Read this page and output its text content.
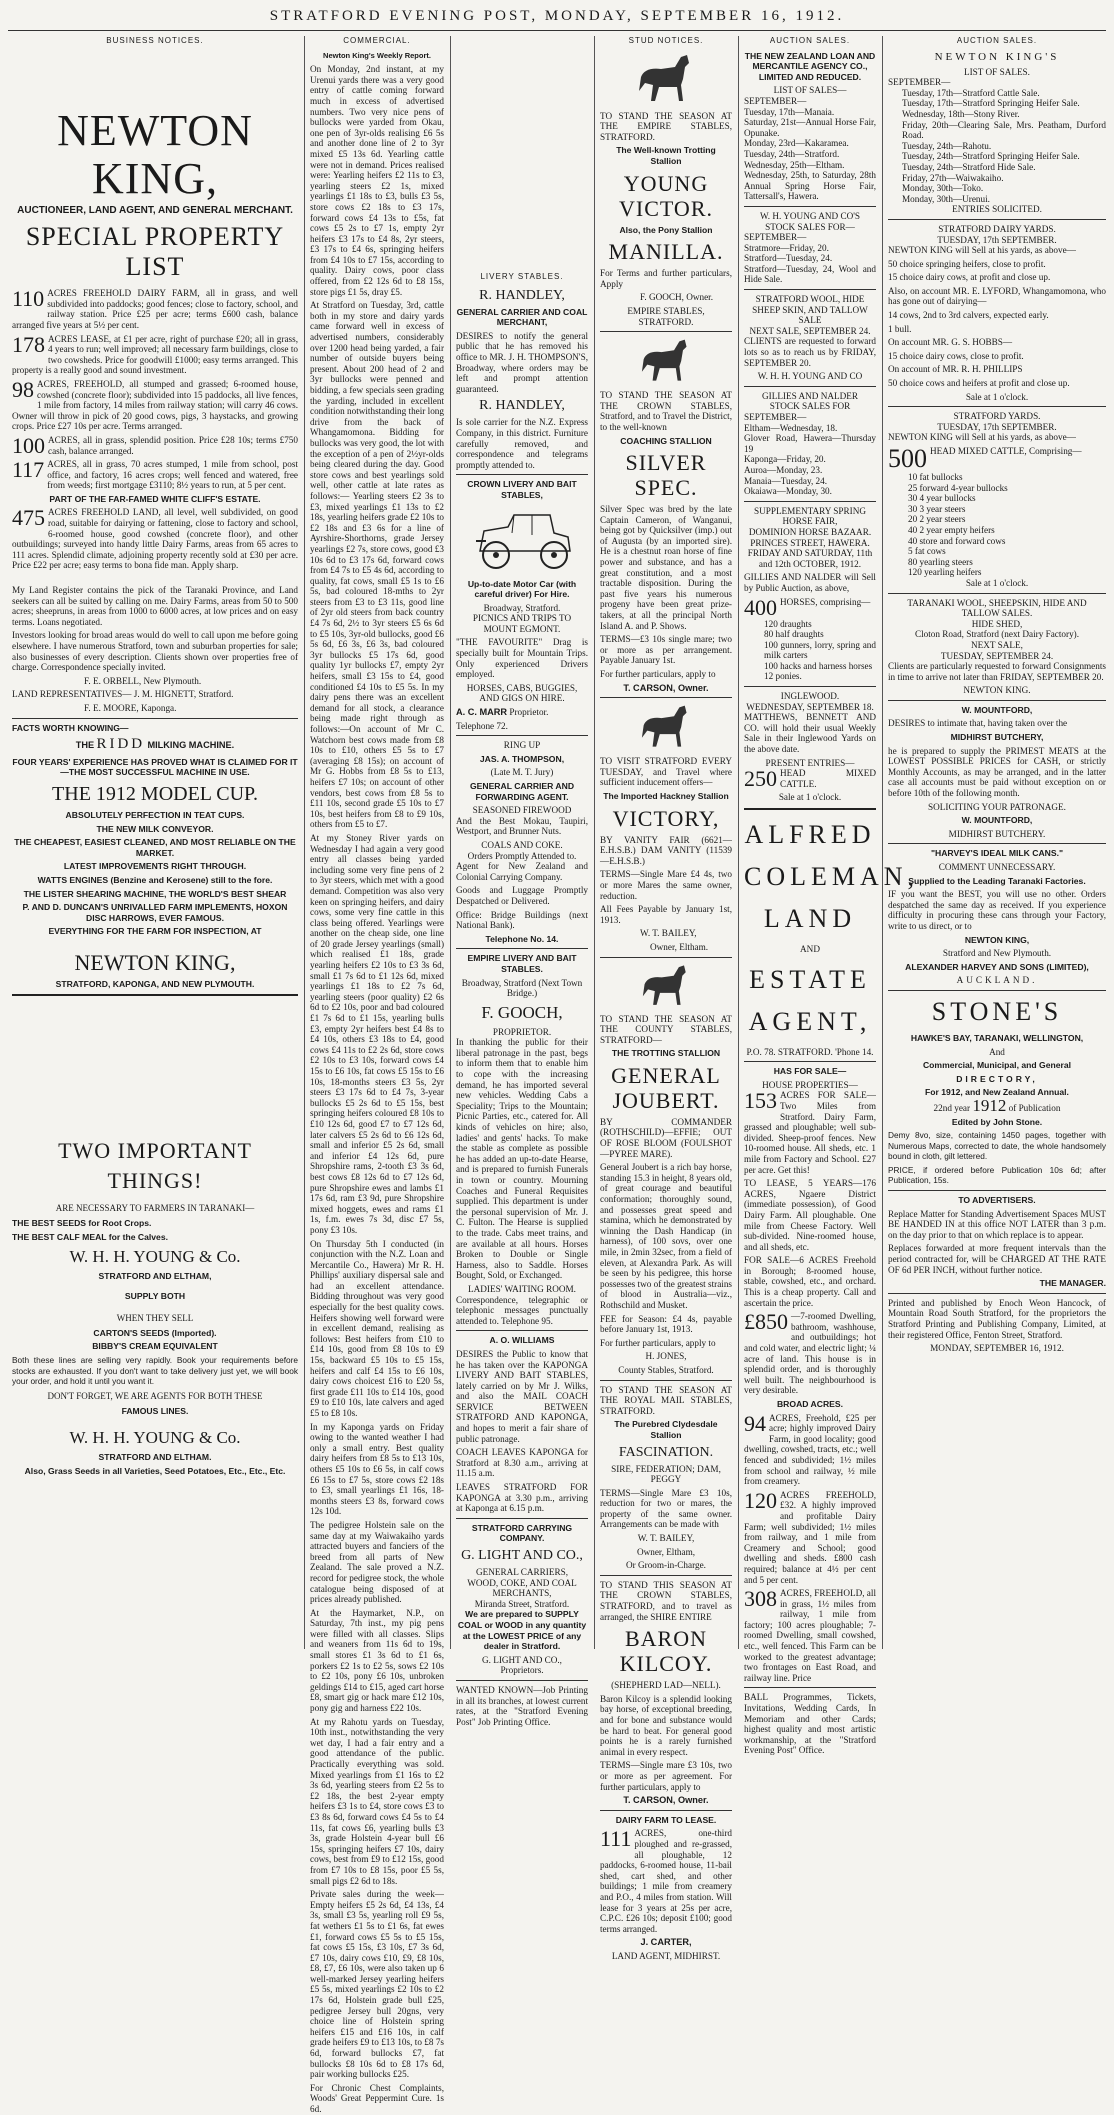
STRATFORD EVENING POST, MONDAY, SEPTEMBER 16, 1912.
BUSINESS NOTICES.
NEWTON KING,
AUCTIONEER, LAND AGENT, AND GENERAL MERCHANT.
SPECIAL PROPERTY LIST

110 ACRES FREEHOLD DAIRY FARM, all in grass, and well subdivided into paddocks; good fences; close to factory, school, and railway station. Price £25 per acre; terms £600 cash, balance arranged five years at 5½ per cent.

178 ACRES LEASE, at £1 per acre, right of purchase £20; all in grass, 4 years to run; well improved; all necessary farm buildings, close to two cowsheds. Price for goodwill £1000; easy terms arranged. This property is a really good and sound investment.

98 ACRES, FREEHOLD, all stumped and grassed; 6-roomed house, cowshed (concrete floor); subdivided into 15 paddocks, all live fences, 1 mile from factory, 14 miles from railway station; will carry 46 cows. Owner will throw in pick of 20 good cows, pigs, 3 haystacks, and growing crops. Price £27 10s per acre. Terms arranged.

100 ACRES, all in grass, splendid position. Price £28 10s; terms £750 cash, balance arranged.

117 ACRES, all in grass, 70 acres stumped, 1 mile from school, post office, and factory, 16 acres crops; well fenced and watered, free from weeds; first mortgage £3110; 8½ years to run, at 5 per cent.

PART OF THE FAR-FAMED WHITE CLIFF'S ESTATE.

475 ACRES FREEHOLD LAND, all level, well subdivided, on good road, suitable for dairying or fattening, close to factory and school, 6-roomed house, good cowshed (concrete floor), and other outbuildings; surveyed into handy little Dairy Farms, areas from 65 acres to 111 acres. Splendid climate, adjoining property recently sold at £30 per acre. Price £22 per acre; easy terms to bona fide man. Apply sharp.

My Land Register contains the pick of the Taranaki Province, and Land seekers can all be suited by calling on me. Dairy Farms, areas from 50 to 500 acres; sheepruns, in areas from 1000 to 6000 acres, at low prices and on easy terms. Loans negotiated.

Investors looking for broad areas would do well to call upon me before going elsewhere. I have numerous Stratford, town and suburban properties for sale; also businesses of every description. Clients shown over properties free of charge. Correspondence specially invited.

F. E. ORBELL, New Plymouth.

LAND REPRESENTATIVES— J. M. HIGNETT, Stratford.

F. E. MOORE, Kaponga.

FACTS WORTH KNOWING—
THE RIDD MILKING MACHINE.
FOUR YEARS' EXPERIENCE HAS PROVED WHAT IS CLAIMED FOR IT—THE MOST SUCCESSFUL MACHINE IN USE.
THE 1912 MODEL CUP.
ABSOLUTELY PERFECTION IN TEAT CUPS.
THE NEW MILK CONVEYOR.
THE CHEAPEST, EASIEST CLEANED, AND MOST RELIABLE ON THE MARKET.
LATEST IMPROVEMENTS RIGHT THROUGH.
WATTS ENGINES (Benzine and Kerosene) still to the fore.
THE LISTER SHEARING MACHINE, THE WORLD'S BEST SHEAR
P. AND D. DUNCAN'S UNRIVALLED FARM IMPLEMENTS, HOXON DISC HARROWS, EVER FAMOUS.
EVERYTHING FOR THE FARM FOR INSPECTION, AT
NEWTON KING,
STRATFORD, KAPONGA, AND NEW PLYMOUTH.
TWO IMPORTANT THINGS!
ARE NECESSARY TO FARMERS IN TARANAKI—
THE BEST SEEDS for Root Crops.
THE BEST CALF MEAL for the Calves.
W. H. H. YOUNG & Co.
STRATFORD AND ELTHAM,
SUPPLY BOTH
WHEN THEY SELL
CARTON'S SEEDS (Imported).
BIBBY'S CREAM EQUIVALENT

Both these lines are selling very rapidly. Book your requirements before stocks are exhausted. If you don't want to take delivery just yet, we will book your order, and hold it until you want it.

DON'T FORGET, WE ARE AGENTS FOR BOTH THESE
FAMOUS LINES.
W. H. H. YOUNG & Co.
STRATFORD AND ELTHAM.
Also, Grass Seeds in all Varieties, Seed Potatoes, Etc., Etc., Etc.
COMMERCIAL.
Newton King's Weekly Report.

On Monday, 2nd instant, at my Urenui yards there was a very good entry of cattle coming forward much in excess of advertised numbers. Two very nice pens of bullocks were yarded from Okau, one pen of 3yr-olds realising £6 5s and another done line of 2 to 3yr mixed £5 13s 6d. Yearling cattle were not in demand. Prices realised were: Yearling heifers £2 11s to £3, yearling steers £2 1s, mixed yearlings £1 18s to £3, bulls £3 5s, store cows £2 18s to £3 17s, forward cows £4 13s to £5s, fat cows £5 2s to £7 1s, empty 2yr heifers £3 17s to £4 8s, 2yr steers, £3 17s to £4 6s, springing heifers from £4 10s to £7 15s, according to quality. Dairy cows, poor class offered, from £2 12s 6d to £8 15s, store pigs £1 5s, dray £5.

At Stratford on Tuesday, 3rd, cattle both in my store and dairy yards came forward well in excess of advertised numbers, considerably over 1200 head being yarded, a fair number of outside buyers being present. About 200 head of 2 and 3yr bullocks were penned and bidding, a few specials seen grading the yarding, included in excellent condition notwithstanding their long drive from the back of Whangamomona. Bidding for bullocks was very good, the lot with the exception of a pen of 2½yr-olds being cleared during the day. Good store cows and best yearlings sold well, other cattle at late rates as follows:— Yearling steers £2 3s to £3, mixed yearlings £1 13s to £2 18s, yearling heifers grade £2 10s to £2 18s and £3 6s for a line of Ayrshire-Shorthorns, grade Jersey yearlings £2 7s, store cows, good £3 10s 6d to £3 17s 6d, forward cows from £4 7s to £5 4s 6d, according to quality, fat cows, small £5 1s to £6 5s, bad coloured 18-mths to 2yr steers from £3 to £3 11s, good line of 2yr old steers from back country £4 7s 6d, 2½ to 3yr steers £5 6s 6d to £5 10s, 3yr-old bullocks, good £6 5s 6d, £6 3s, £6 3s, bad coloured 3yr bullocks £5 17s 6d, good quality 1yr bullocks £7, empty 2yr heifers, small £3 15s to £4, good conditioned £4 10s to £5 5s. In my dairy pens there was an excellent demand for all stock, a clearance being made right through as follows:—On account of Mr C. Watchorn best cows made from £8 10s to £10, others £5 5s to £7 (averaging £8 15s); on account of Mr G. Hobbs from £8 5s to £13, heifers £7 10s; on account of other vendors, best cows from £8 5s to £11 10s, second grade £5 10s to £7 10s, best heifers from £8 to £9 10s, others from £5 to £7.

At my Stoney River yards on Wednesday I had again a very good entry all classes being yarded including some very fine pens of 2 to 3yr steers, which met with a good demand. Competition was also very keen on springing heifers, and dairy cows, some very fine cattle in this class being offered. Yearlings were another on the cheap side, one line of 20 grade Jersey yearlings (small) which realised £1 18s, grade yearling heifers £2 10s to £3 3s 6d, small £1 7s 6d to £1 12s 6d, mixed yearlings £1 18s to £2 7s 6d, yearling steers (poor quality) £2 6s 6d to £2 10s, poor and bad coloured £1 7s 6d to £1 15s, yearling bulls £3, empty 2yr heifers best £4 8s to £4 10s, others £3 18s to £4, good cows £4 11s to £2 2s 6d, store cows £2 10s to £3 10s, forward cows £4 15s to £6 10s, fat cows £5 15s to £6 10s, 18-months steers £3 5s, 2yr steers £3 17s 6d to £4 7s, 3-year bullocks £5 2s 6d to £5 15s, best springing heifers coloured £8 10s to £10 12s 6d, good £7 to £7 12s 6d, later calvers £5 2s 6d to £6 12s 6d, small and inferior £5 2s 6d, small and inferior £4 12s 6d, pure Shropshire rams, 2-tooth £3 3s 6d, best cows £8 12s 6d to £7 12s 6d, pure Shropshire ewes and lambs £1 17s 6d, ram £3 9d, pure Shropshire mixed hoggets, ewes and rams £1 1s, f.m. ewes 7s 3d, disc £7 5s, pony £3 10s.

On Thursday 5th I conducted (in conjunction with the N.Z. Loan and Mercantile Co., Hawera) Mr R. H. Phillips' auxiliary dispersal sale and had an excellent attendance. Bidding throughout was very good especially for the best quality cows. Heifers showing well forward were in excellent demand, realising as follows: Best heifers from £10 to £14 10s, good from £8 10s to £9 15s, backward £5 10s to £5 15s, heifers and calf £4 15s to £6 10s, dairy cows choicest £16 to £20 5s, first grade £11 10s to £14 10s, good £9 to £10 10s, late calvers and aged £5 to £8 10s.

In my Kaponga yards on Friday owing to the wanted weather I had only a small entry. Best quality dairy heifers from £8 5s to £13 10s, others £5 10s to £6 5s, in calf cows £6 15s to £7 5s, store cows £2 18s to £3, small yearlings £1 16s, 18-months steers £3 8s, forward cows 12s 10d.

The pedigree Holstein sale on the same day at my Waiwakaiho yards attracted buyers and fanciers of the breed from all parts of New Zealand. The sale proved a N.Z. record for pedigree stock, the whole catalogue being disposed of at prices already published.

At the Haymarket, N.P., on Saturday, 7th inst., my pig pens were filled with all classes. Slips and weaners from 11s 6d to 19s, small stores £1 3s 6d to £1 6s, porkers £2 1s to £2 5s, sows £2 10s to £2 10s, pony £6 10s, unbroken geldings £14 to £15, aged cart horse £8, smart gig or hack mare £12 10s, pony gig and harness £22 10s.

At my Rahotu yards on Tuesday, 10th inst., notwithstanding the very wet day, I had a fair entry and a good attendance of the public. Practically everything was sold. Mixed yearlings from £1 16s to £2 3s 6d, yearling steers from £2 5s to £2 18s, the best 2-year empty heifers £3 1s to £4, store cows £3 to £3 8s 6d, forward cows £4 5s to £4 11s, fat cows £6, yearling bulls £3 3s, grade Holstein 4-year bull £6 15s, springing heifers £7 10s, dairy cows, best from £9 to £12 15s, good from £7 10s to £8 15s, poor £5 5s, small pigs £2 6d to 18s.

Private sales during the week—Empty heifers £5 2s 6d, £4 13s, £4 3s, small £3 5s, yearling roll £9 5s, fat wethers £1 5s to £1 6s, fat ewes £1, forward cows £5 5s to £5 15s, fat cows £5 15s, £3 10s, £7 3s 6d, £7 10s, dairy cows £10, £9, £8 10s, £8, £7, £6 10s, were also taken up 6 well-marked Jersey yearling heifers £5 5s, mixed yearlings £2 10s to £2 17s 6d, Holstein grade bull £25, pedigree Jersey bull 20gns, very choice line of Holstein spring heifers £15 and £16 10s, in calf grade heifers £9 to £13 10s, to £8 7s 6d, forward bullocks £7, fat bullocks £8 10s 6d to £8 17s 6d, pair working bullocks £25.

For Chronic Chest Complaints, Woods' Great Peppermint Cure. 1s 6d.

LIVERY STABLES.
R. HANDLEY,
GENERAL CARRIER AND COAL MERCHANT,

DESIRES to notify the general public that he has removed his office to MR. J. H. THOMPSON'S, Broadway, where orders may be left and prompt attention guaranteed.

R. HANDLEY,

Is sole carrier for the N.Z. Express Company, in this district. Furniture carefully removed, and correspondence and telegrams promptly attended to.

CROWN LIVERY AND BAIT STABLES,
Up-to-date Motor Car (with careful driver) For Hire.
Broadway, Stratford.

PICNICS AND TRIPS TO MOUNT EGMONT.

"THE FAVOURITE" Drag is specially built for Mountain Trips. Only experienced Drivers employed.

HORSES, CABS, BUGGIES, AND GIGS ON HIRE.

A. C. MARR Proprietor.

Telephone 72.

RING UP
JAS. A. THOMPSON,
(Late M. T. Jury)
GENERAL CARRIER AND FORWARDING AGENT.
SEASONED FIREWOOD

And the Best Mokau, Taupiri, Westport, and Brunner Nuts.

COALS AND COKE.
Orders Promptly Attended to.

Agent for New Zealand and Colonial Carrying Company.

Goods and Luggage Promptly Despatched or Delivered.

Office: Bridge Buildings (next National Bank).

Telephone No. 14.
EMPIRE LIVERY AND BAIT STABLES.
Broadway, Stratford (Next Town Bridge.)
F. GOOCH,
PROPRIETOR.

In thanking the public for their liberal patronage in the past, begs to inform them that to enable him to cope with the increasing demand, he has imported several new vehicles. Wedding Cabs a Speciality; Trips to the Mountain; Picnic Parties, etc., catered for. All kinds of vehicles on hire; also, ladies' and gents' hacks. To make the stable as complete as possible he has added an up-to-date Hearse, and is prepared to furnish Funerals in town or country. Mourning Coaches and Funeral Requisites supplied. This department is under the personal supervision of Mr. J. C. Fulton. The Hearse is supplied to the trade. Cabs meet trains, and are available at all hours. Horses Broken to Double or Single Harness, also to Saddle. Horses Bought, Sold, or Exchanged.

LADIES' WAITING ROOM.

Correspondence, telegraphic or telephonic messages punctually attended to. Telephone 95.

A. O. WILLIAMS

DESIRES the Public to know that he has taken over the KAPONGA LIVERY AND BAIT STABLES, lately carried on by Mr J. Wilks, and also the MAIL COACH SERVICE BETWEEN STRATFORD AND KAPONGA, and hopes to merit a fair share of public patronage.

COACH LEAVES KAPONGA for Stratford at 8.30 a.m., arriving at 11.15 a.m.

LEAVES STRATFORD FOR KAPONGA at 3.30 p.m., arriving at Kaponga at 6.15 p.m.

STRATFORD CARRYING COMPANY.
G. LIGHT AND CO.,
GENERAL CARRIERS,
WOOD, COKE, AND COAL MERCHANTS,
Miranda Street, Stratford.

We are prepared to SUPPLY COAL or WOOD in any quantity at the LOWEST PRICE of any dealer in Stratford.

G. LIGHT AND CO.,
Proprietors.

WANTED KNOWN—Job Printing in all its branches, at lowest current rates, at the "Stratford Evening Post" Job Printing Office.

STUD NOTICES.

TO STAND THE SEASON AT THE EMPIRE STABLES, STRATFORD.

The Well-known Trotting Stallion
YOUNG VICTOR.
Also, the Pony Stallion
MANILLA.

For Terms and further particulars, Apply

F. GOOCH, Owner.

EMPIRE STABLES, STRATFORD.

TO STAND THE SEASON AT THE CROWN STABLES, Stratford, and to Travel the District, to the well-known

COACHING STALLION
SILVER SPEC.

Silver Spec was bred by the late Captain Cameron, of Wanganui, being got by Quicksilver (imp.) out of Augusta (by an imported sire). He is a chestnut roan horse of fine power and substance, and has a great constitution, and a most tractable disposition. During the past five years his numerous progeny have been great prize-takers, at all the principal North Island A. and P. Shows.

TERMS—£3 10s single mare; two or more as per arrangement. Payable January 1st.

For further particulars, apply to

T. CARSON, Owner.

TO VISIT STRATFORD EVERY TUESDAY, and Travel where sufficient inducement offers—

The Imported Hackney Stallion
VICTORY,

BY VANITY FAIR (6621—E.H.S.B.) DAM VANITY (11539—E.H.S.B.)

TERMS—Single Mare £4 4s, two or more Mares the same owner, reduction.

All Fees Payable by January 1st, 1913.

W. T. BAILEY,

Owner, Eltham.

TO STAND THE SEASON AT THE COUNTY STABLES, STRATFORD—

THE TROTTING STALLION
GENERAL JOUBERT.

BY COMMANDER (ROTHSCHILD)—EFFIE; OUT OF ROSE BLOOM (FOULSHOT—PYREE MARE).

General Joubert is a rich bay horse, standing 15.3 in height, 8 years old, of great courage and beautiful conformation; thoroughly sound, and possesses great speed and stamina, which he demonstrated by winning the Dash Handicap (in harness), of 100 sovs, over one mile, in 2min 32sec, from a field of eleven, at Alexandra Park. As will be seen by his pedigree, this horse possesses two of the greatest strains of blood in Australia—viz., Rothschild and Musket.

FEE for Season: £4 4s, payable before January 1st, 1913.

For further particulars, apply to

H. JONES,

County Stables, Stratford.

TO STAND THE SEASON AT THE ROYAL MAIL STABLES, STRATFORD.

The Purebred Clydesdale Stallion
FASCINATION.

SIRE, FEDERATION; DAM, PEGGY

TERMS—Single Mare £3 10s, reduction for two or mares, the property of the same owner. Arrangements can be made with

W. T. BAILEY,

Owner, Eltham,

Or Groom-in-Charge.

TO STAND THIS SEASON AT THE CROWN STABLES, STRATFORD, and to travel as arranged, the SHIRE ENTIRE

BARON KILCOY.

(SHEPHERD LAD—NELL).

Baron Kilcoy is a splendid looking bay horse, of exceptional breeding, and for bone and substance would be hard to beat. For general good points he is a rarely furnished animal in every respect.

TERMS—Single mare £3 10s, two or more as per agreement. For further particulars, apply to

T. CARSON, Owner.

DAIRY FARM TO LEASE.

111 ACRES, one-third ploughed and re-grassed, all ploughable, 12 paddocks, 6-roomed house, 11-bail shed, cart shed, and other buildings; 1 mile from creamery and P.O., 4 miles from station. Will lease for 3 years at 25s per acre, C.P.C. £26 10s; deposit £100; good terms arranged.

J. CARTER,

LAND AGENT, MIDHIRST.

AUCTION SALES.

THE NEW ZEALAND LOAN AND MERCANTILE AGENCY CO., LIMITED AND REDUCED.

LIST OF SALES—
SEPTEMBER—
Tuesday, 17th—Manaia.
Saturday, 21st—Annual Horse Fair, Opunake.
Monday, 23rd—Kakaramea.
Tuesday, 24th—Stratford.
Wednesday, 25th—Eltham.
Wednesday, 25th, to Saturday, 28th Annual Spring Horse Fair, Tattersall's, Hawera.
W. H. YOUNG AND CO'S
STOCK SALES FOR—
SEPTEMBER—
Stratmore—Friday, 20.
Stratford—Tuesday, 24.
Stratford—Tuesday, 24, Wool and Hide Sale.
STRATFORD WOOL, HIDE SHEEP SKIN, AND TALLOW SALE
NEXT SALE, SEPTEMBER 24.

CLIENTS are requested to forward lots so as to reach us by FRIDAY, SEPTEMBER 20.

W. H. H. YOUNG AND CO
GILLIES AND NALDER
STOCK SALES FOR
SEPTEMBER—
Eltham—Wednesday, 18.
Glover Road, Hawera—Thursday 19
Kaponga—Friday, 20.
Auroa—Monday, 23.
Manaia—Tuesday, 24.
Okaiawa—Monday, 30.
SUPPLEMENTARY SPRING HORSE FAIR,
DOMINION HORSE BAZAAR.
PRINCES STREET, HAWERA.

FRIDAY AND SATURDAY, 11th and 12th OCTOBER, 1912.

GILLIES AND NALDER will Sell by Public Auction, as above,

400 HORSES, comprising—

120 draughts
80 half draughts
100 gunners, lorry, spring and milk carters
100 hacks and harness horses
12 ponies.
INGLEWOOD.
WEDNESDAY, SEPTEMBER 18.

MATTHEWS, BENNETT AND CO. will hold their usual Weekly Sale in their Inglewood Yards on the above date.

PRESENT ENTRIES—

250 HEAD MIXED CATTLE.

Sale at 1 o'clock.
ALFRED
COLEMAN,
LAND
AND
ESTATE
AGENT,
P.O. 78. STRATFORD. 'Phone 14.
HAS FOR SALE—
HOUSE PROPERTIES—

153 ACRES FOR SALE—Two Miles from Stratford. Dairy Farm, grassed and ploughable; well sub-divided. Sheep-proof fences. New 10-roomed house. All sheds, etc. 1 mile from Factory and School. £27 per acre. Get this!

TO LEASE, 5 YEARS—176 ACRES, Ngaere District (immediate possession), of Good Dairy Farm. All ploughable. One mile from Cheese Factory. Well sub-divided. Nine-roomed house, and all sheds, etc.

FOR SALE—6 ACRES Freehold in Borough; 8-roomed house, stable, cowshed, etc., and orchard. This is a cheap property. Call and ascertain the price.

£850 —7-roomed Dwelling, bathroom, washhouse, and outbuildings; hot and cold water, and electric light; ¼ acre of land. This house is in splendid order, and is thoroughly well built. The neighbourhood is very desirable.

BROAD ACRES.

94 ACRES, Freehold, £25 per acre; highly improved Dairy Farm, in good locality; good dwelling, cowshed, tracts, etc.; well fenced and subdivided; 1½ miles from school and railway, ½ mile from creamery.

120 ACRES FREEHOLD, £32. A highly improved and profitable Dairy Farm; well subdivided; 1½ miles from railway, and 1 mile from Creamery and School; good dwelling and sheds. £800 cash required; balance at 4½ per cent and 5 per cent.

308 ACRES, FREEHOLD, all in grass, 1½ miles from railway, 1 mile from factory; 100 acres ploughable; 7-roomed Dwelling, small cowshed, etc., well fenced. This Farm can be worked to the greatest advantage; two frontages on East Road, and railway line. Price

BALL Programmes, Tickets, Invitations, Wedding Cards, In Memoriam and other Cards; highest quality and most artistic workmanship, at the "Stratford Evening Post" Office.

AUCTION SALES.
NEWTON KING'S
LIST OF SALES.
SEPTEMBER—
Tuesday, 17th—Stratford Cattle Sale.
Tuesday, 17th—Stratford Springing Heifer Sale.
Wednesday, 18th—Stony River.
Friday, 20th—Clearing Sale, Mrs. Peatham, Durford Road.
Tuesday, 24th—Rahotu.
Tuesday, 24th—Stratford Springing Heifer Sale.
Tuesday, 24th—Stratford Hide Sale.
Friday, 27th—Waiwakaiho.
Monday, 30th—Toko.
Monday, 30th—Urenui.
ENTRIES SOLICITED.
STRATFORD DAIRY YARDS.
TUESDAY, 17th SEPTEMBER.

NEWTON KING will Sell at his yards, as above—

50 choice springing heifers, close to profit.

15 choice dairy cows, at profit and close up.

Also, on account MR. E. LYFORD, Whangamomona, who has gone out of dairying—

14 cows, 2nd to 3rd calvers, expected early.

1 bull.

On account MR. G. S. HOBBS—

15 choice dairy cows, close to profit.

On account of MR. R. H. PHILLIPS

50 choice cows and heifers at profit and close up.

Sale at 1 o'clock.
STRATFORD YARDS.
TUESDAY, 17th SEPTEMBER.

NEWTON KING will Sell at his yards, as above—

500 HEAD MIXED CATTLE, Comprising—

10 fat bullocks
25 forward 4-year bullocks
30 4 year bullocks
30 3 year steers
20 2 year steers
40 2 year empty heifers
40 store and forward cows
5 fat cows
80 yearling steers
120 yearling heifers
Sale at 1 o'clock.
TARANAKI WOOL, SHEEPSKIN, HIDE AND TALLOW SALES.
HIDE SHED,
Cloton Road, Stratford (next Dairy Factory).
NEXT SALE,
TUESDAY, SEPTEMBER 24.

Clients are particularly requested to forward Consignments in time to arrive not later than FRIDAY, SEPTEMBER 20.

NEWTON KING.
W. MOUNTFORD,

DESIRES to intimate that, having taken over the

MIDHIRST BUTCHERY,

he is prepared to supply the PRIMEST MEATS at the LOWEST POSSIBLE PRICES for CASH, or strictly Monthly Accounts, as may be arranged, and in the latter case all accounts must be paid without exception on or before 10th of the following month.

SOLICITING YOUR PATRONAGE.
W. MOUNTFORD,
MIDHIRST BUTCHERY.
"HARVEY'S IDEAL MILK CANS."
COMMENT UNNECESSARY.
Supplied to the Leading Taranaki Factories.

IF you want the BEST, you will use no other. Orders despatched the same day as received. If you experience difficulty in procuring these cans through your Factory, write to us direct, or to

NEWTON KING,
Stratford and New Plymouth.
ALEXANDER HARVEY AND SONS (LIMITED),
AUCKLAND.
STONE'S
HAWKE'S BAY, TARANAKI, WELLINGTON,
And
Commercial, Municipal, and General
DIRECTORY,
For 1912, and New Zealand Annual.
22nd year 1912 of Publication
Edited by John Stone.

Demy 8vo, size, containing 1450 pages, together with Numerous Maps, corrected to date, the whole handsomely bound in cloth, gilt lettered.

PRICE, if ordered before Publication 10s 6d; after Publication, 15s.

TO ADVERTISERS.

Replace Matter for Standing Advertisement Spaces MUST BE HANDED IN at this office NOT LATER than 3 p.m. on the day prior to that on which replace is to appear.

Replaces forwarded at more frequent intervals than the period contracted for, will be CHARGED AT THE RATE OF 6d PER INCH, without further notice.

THE MANAGER.

Printed and published by Enoch Weon Hancock, of Mountain Road South Stratford, for the proprietors the Stratford Printing and Publishing Company, Limited, at their registered Office, Fenton Street, Stratford.

MONDAY, SEPTEMBER 16, 1912.
